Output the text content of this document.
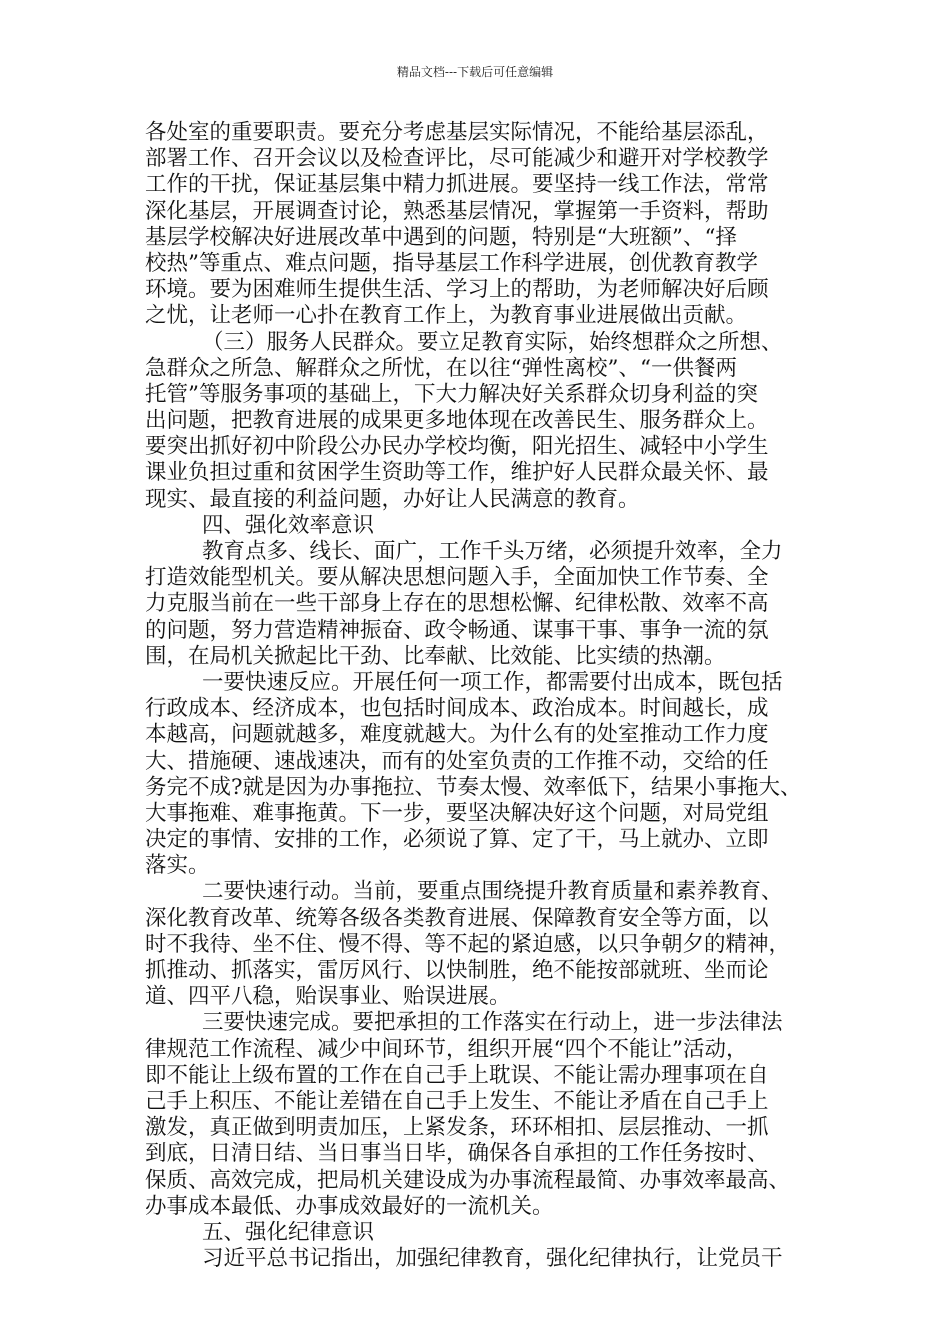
精品文档---下载后可任意编辑
各处室的重要职责。要充分考虑基层实际情况，不能给基层添乱，
部署工作、召开会议以及检查评比，尽可能减少和避开对学校教学
工作的干扰，保证基层集中精力抓进展。要坚持一线工作法，常常
深化基层，开展调查讨论，熟悉基层情况，掌握第一手资料，帮助
基层学校解决好进展改革中遇到的问题，特别是“大班额”、“择
校热”等重点、难点问题，指导基层工作科学进展，创优教育教学
环境。要为困难师生提供生活、学习上的帮助，为老师解决好后顾
之忧，让老师一心扑在教育工作上，为教育事业进展做出贡献。
（三）服务人民群众。要立足教育实际，始终想群众之所想、
急群众之所急、解群众之所忧，在以往“弹性离校”、“一供餐两
托管”等服务事项的基础上，下大力解决好关系群众切身利益的突
出问题，把教育进展的成果更多地体现在改善民生、服务群众上。
要突出抓好初中阶段公办民办学校均衡，阳光招生、减轻中小学生
课业负担过重和贫困学生资助等工作，维护好人民群众最关怀、最
现实、最直接的利益问题，办好让人民满意的教育。
四、强化效率意识
教育点多、线长、面广，工作千头万绪，必须提升效率，全力
打造效能型机关。要从解决思想问题入手，全面加快工作节奏、全
力克服当前在一些干部身上存在的思想松懈、纪律松散、效率不高
的问题，努力营造精神振奋、政令畅通、谋事干事、事争一流的氛
围，在局机关掀起比干劲、比奉献、比效能、比实绩的热潮。
一要快速反应。开展任何一项工作，都需要付出成本，既包括
行政成本、经济成本，也包括时间成本、政治成本。时间越长，成
本越高，问题就越多，难度就越大。为什么有的处室推动工作力度
大、措施硬、速战速决，而有的处室负责的工作推不动，交给的任
务完不成?就是因为办事拖拉、节奏太慢、效率低下，结果小事拖大、
大事拖难、难事拖黄。下一步，要坚决解决好这个问题，对局党组
决定的事情、安排的工作，必须说了算、定了干，马上就办、立即
落实。
二要快速行动。当前，要重点围绕提升教育质量和素养教育、
深化教育改革、统筹各级各类教育进展、保障教育安全等方面，以
时不我待、坐不住、慢不得、等不起的紧迫感，以只争朝夕的精神，
抓推动、抓落实，雷厉风行、以快制胜，绝不能按部就班、坐而论
道、四平八稳，贻误事业、贻误进展。
三要快速完成。要把承担的工作落实在行动上，进一步法律法
律规范工作流程、减少中间环节，组织开展“四个不能让”活动，
即不能让上级布置的工作在自己手上耽误、不能让需办理事项在自
己手上积压、不能让差错在自己手上发生、不能让矛盾在自己手上
激发，真正做到明责加压，上紧发条，环环相扣、层层推动、一抓
到底，日清日结、当日事当日毕，确保各自承担的工作任务按时、
保质、高效完成，把局机关建设成为办事流程最简、办事效率最高、
办事成本最低、办事成效最好的一流机关。
五、强化纪律意识
习近平总书记指出，加强纪律教育，强化纪律执行，让党员干
